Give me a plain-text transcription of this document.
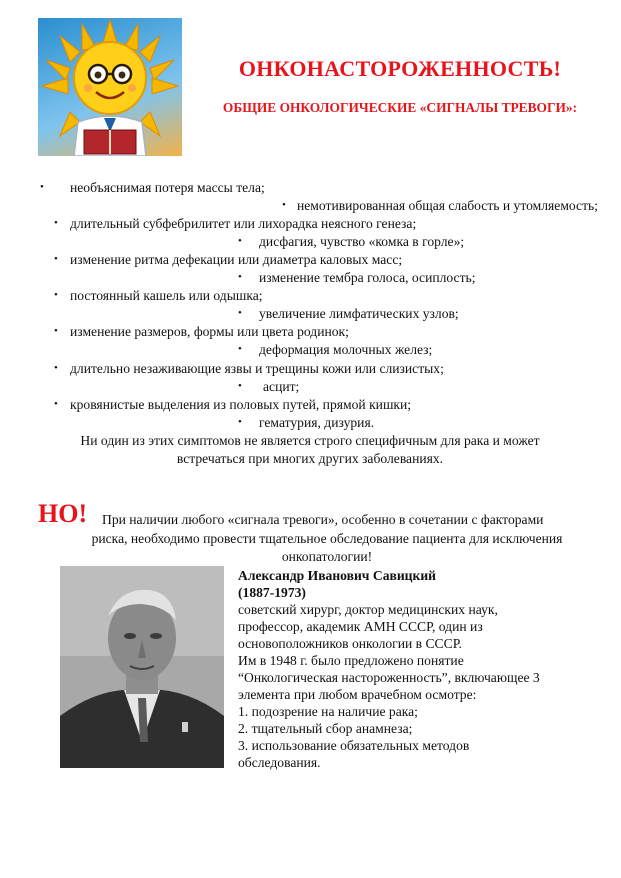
ОНКОНАСТОРОЖЕННОСТЬ!
ОБЩИЕ ОНКОЛОГИЧЕСКИЕ «СИГНАЛЫ ТРЕВОГИ»:
• необъяснимая потеря массы тела;
• немотивированная общая слабость и утомляемость;
• длительный субфебрилитет или лихорадка неясного генеза;
• дисфагия, чувство «комка в горле»;
• изменение ритма дефекации или диаметра каловых масс;
• изменение тембра голоса, осиплость;
• постоянный кашель или одышка;
• увеличение лимфатических узлов;
• изменение размеров, формы или цвета родинок;
• деформация молочных желез;
• длительно незаживающие язвы и трещины кожи или слизистых;
• асцит;
• кровянистые выделения из половых путей, прямой кишки;
• гематурия, дизурия.
Ни один из этих симптомов не является строго специфичным для рака и может
встречаться при многих других заболеваниях.
НО! При наличии любого «сигнала тревоги», особенно в сочетании с факторами
риска, необходимо провести тщательное обследование пациента для исключения
онкопатологии!
Александр Иванович Савицкий
(1887-1973)
советский хирург, доктор медицинских наук,
профессор, академик АМН СССР, один из
основоположников онкологии в СССР.
Им в 1948 г. было предложено понятие
“Онкологическая настороженность”, включающее 3
элемента при любом врачебном осмотре:
1. подозрение на наличие рака;
2. тщательный сбор анамнеза;
3. использование обязательных методов
обследования.
